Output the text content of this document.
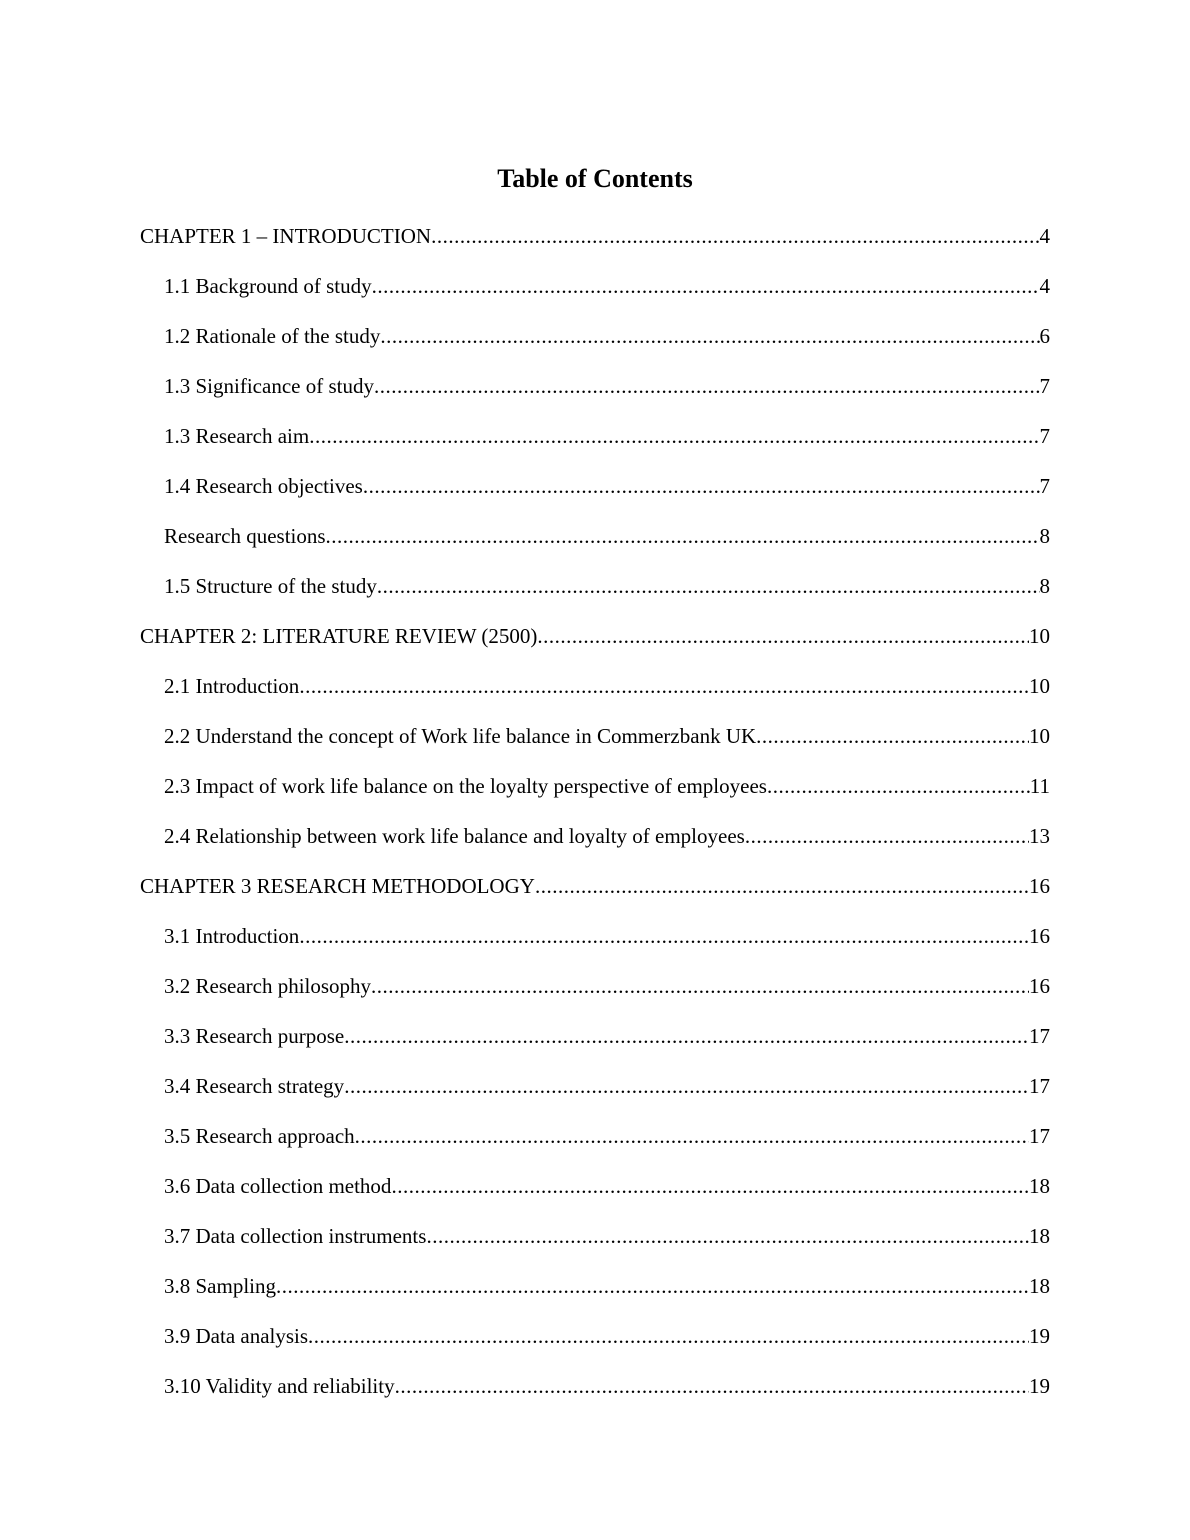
Table of Contents
CHAPTER 1 – INTRODUCTION .....	4
1.1 Background of study .....	4
1.2 Rationale of the study .....	6
1.3 Significance of study .....	7
1.3 Research aim .....	7
1.4 Research objectives .....	7
Research questions .....	8
1.5 Structure of the study .....	8
CHAPTER 2: LITERATURE REVIEW (2500) .....	10
2.1 Introduction .....	10
2.2 Understand the concept of Work life balance in Commerzbank UK .....	10
2.3 Impact of work life balance on the loyalty perspective of employees .....	11
2.4 Relationship between work life balance and loyalty of employees .....	13
CHAPTER 3 RESEARCH METHODOLOGY .....	16
3.1 Introduction .....	16
3.2 Research philosophy .....	16
3.3 Research purpose .....	17
3.4 Research strategy .....	17
3.5 Research approach .....	17
3.6 Data collection method .....	18
3.7 Data collection instruments .....	18
3.8 Sampling .....	18
3.9 Data analysis .....	19
3.10 Validity and reliability .....	19
